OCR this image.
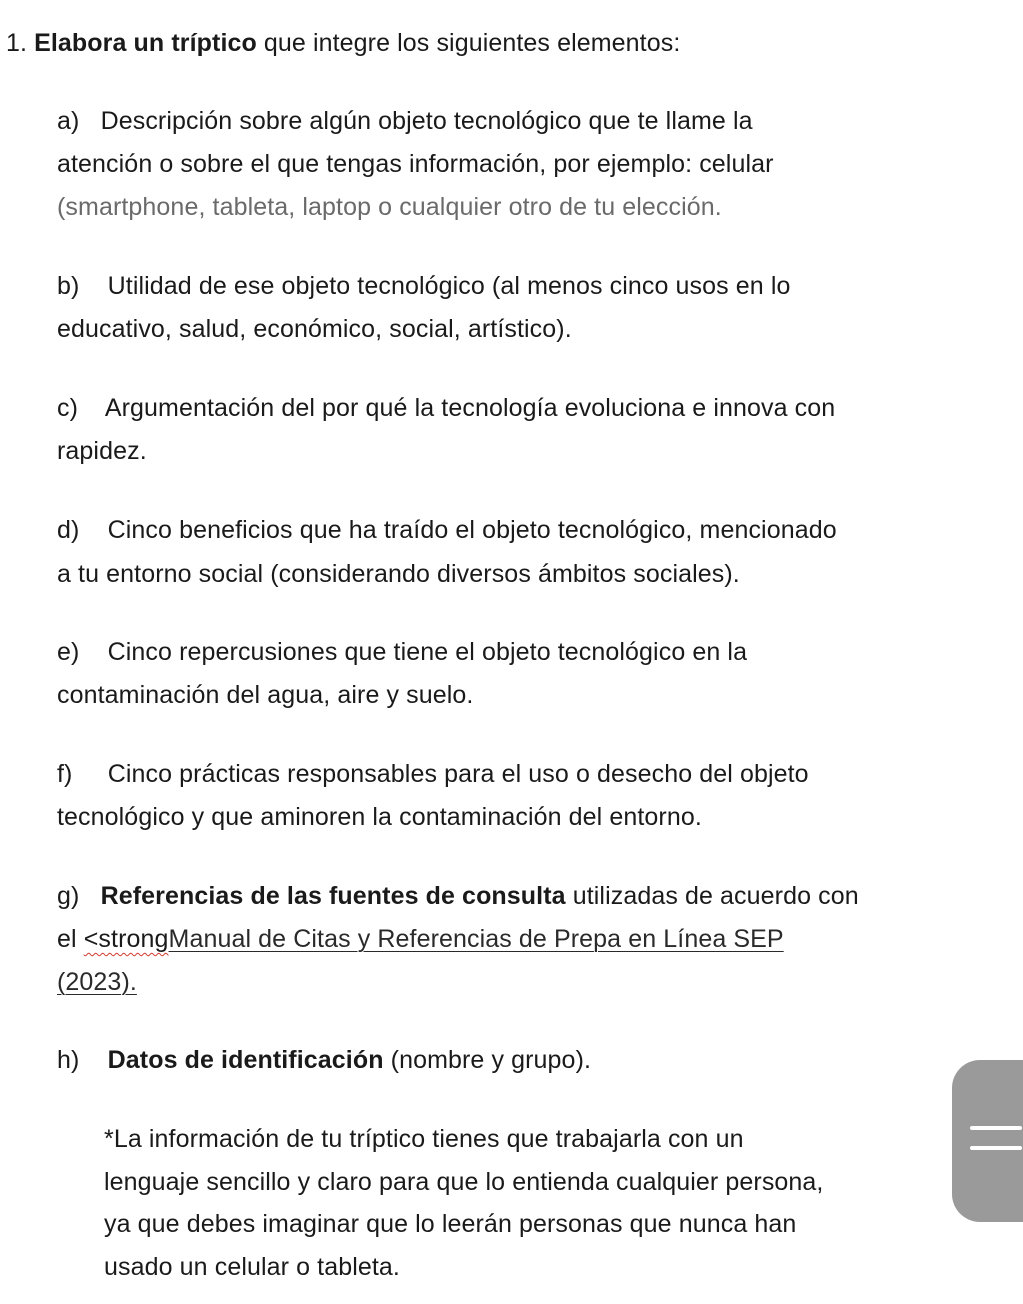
1. Elabora un tríptico que integre los siguientes elementos:
a) Descripción sobre algún objeto tecnológico que te llame la
atención o sobre el que tengas información, por ejemplo: celular
(smartphone, tableta, laptop o cualquier otro de tu elección.
b) Utilidad de ese objeto tecnológico (al menos cinco usos en lo
educativo, salud, económico, social, artístico).
c) Argumentación del por qué la tecnología evoluciona e innova con
rapidez.
d) Cinco beneficios que ha traído el objeto tecnológico, mencionado
a tu entorno social (considerando diversos ámbitos sociales).
e) Cinco repercusiones que tiene el objeto tecnológico en la
contaminación del agua, aire y suelo.
f) Cinco prácticas responsables para el uso o desecho del objeto
tecnológico y que aminoren la contaminación del entorno.
g) Referencias de las fuentes de consulta utilizadas de acuerdo con
el <strongManual de Citas y Referencias de Prepa en Línea SEP
(2023).
h) Datos de identificación (nombre y grupo).
*La información de tu tríptico tienes que trabajarla con un
lenguaje sencillo y claro para que lo entienda cualquier persona,
ya que debes imaginar que lo leerán personas que nunca han
usado un celular o tableta.
